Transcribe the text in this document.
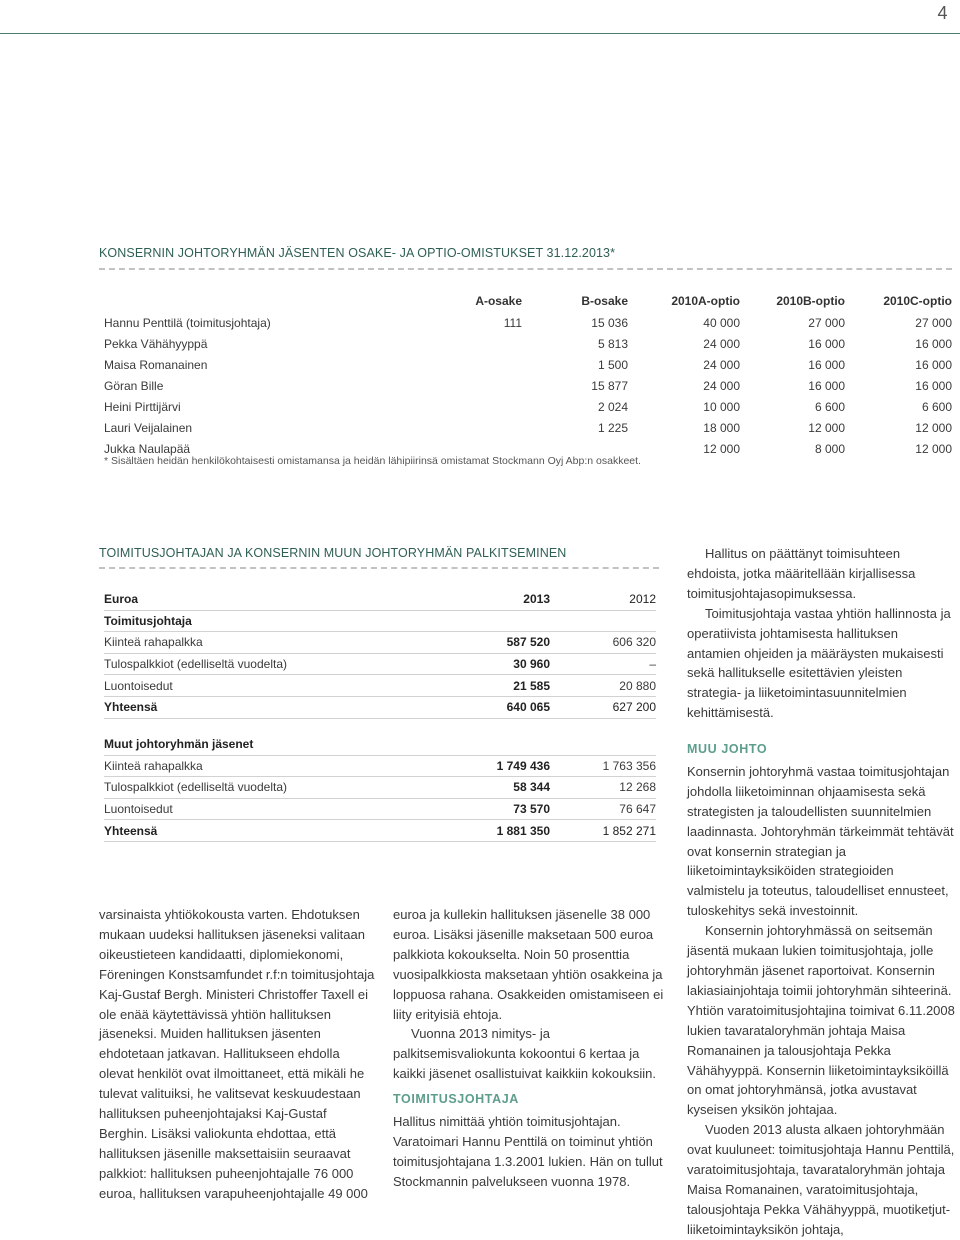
4
KONSERNIN JOHTORYHMÄN JÄSENTEN OSAKE- JA OPTIO-OMISTUKSET 31.12.2013*
	A-osake	B-osake	2010A-optio	2010B-optio	2010C-optio
Hannu Penttilä (toimitusjohtaja)	111	15 036	40 000	27 000	27 000
Pekka Vähähyyppä		5 813	24 000	16 000	16 000
Maisa Romanainen		1 500	24 000	16 000	16 000
Göran Bille		15 877	24 000	16 000	16 000
Heini Pirttijärvi		2 024	10 000	6 600	6 600
Lauri Veijalainen		1 225	18 000	12 000	12 000
Jukka Naulapää			12 000	8 000	12 000
* Sisältäen heidän henkilökohtaisesti omistamansa ja heidän lähipiirinsä omistamat Stockmann Oyj Abp:n osakkeet.
TOIMITUSJOHTAJAN JA KONSERNIN MUUN JOHTORYHMÄN PALKITSEMINEN
Euroa	2013	2012
Toimitusjohtaja		
Kiinteä rahapalkka	587 520	606 320
Tulospalkkiot (edelliseltä vuodelta)	30 960	–
Luontoisedut	21 585	20 880
Yhteensä	640 065	627 200
Muut johtoryhmän jäsenet		
Kiinteä rahapalkka	1 749 436	1 763 356
Tulospalkkiot (edelliseltä vuodelta)	58 344	12 268
Luontoisedut	73 570	76 647
Yhteensä	1 881 350	1 852 271

Hallitus on päättänyt toimisuhteen ehdoista, jotka määritellään kirjallisessa toimitusjohtajasopimuksessa.

Toimitusjohtaja vastaa yhtiön hallinnosta ja operatiivista johtamisesta hallituksen antamien ohjeiden ja määräysten mukaisesti sekä hallitukselle esitettävien yleisten strategia- ja liiketoimintasuunnitelmien kehittämisestä.

MUU JOHTO

Konsernin johtoryhmä vastaa toimitusjohtajan johdolla liiketoiminnan ohjaamisesta sekä strategisten ja taloudellisten suunnitelmien laadinnasta. Johtoryhmän tärkeimmät tehtävät ovat konsernin strategian ja liiketoimintayksiköiden strategioiden valmistelu ja toteutus, taloudelliset ennusteet, tuloskehitys sekä investoinnit.

Konsernin johtoryhmässä on seitsemän jäsentä mukaan lukien toimitusjohtaja, jolle johtoryhmän jäsenet raportoivat. Konsernin lakiasiainjohtaja toimii johtoryhmän sihteerinä. Yhtiön varatoimitusjohtajina toimivat 6.11.2008 lukien tavarataloryhmän johtaja Maisa Romanainen ja talousjohtaja Pekka Vähähyyppä. Konsernin liiketoimintayksiköillä on omat johtoryhmänsä, jotka avustavat kyseisen yksikön johtajaa.

Vuoden 2013 alusta alkaen johtoryhmään ovat kuuluneet: toimitusjohtaja Hannu Penttilä, varatoimitusjohtaja, tavarataloryhmän johtaja Maisa Romanainen, varatoimitusjohtaja, talousjohtaja Pekka Vähähyyppä, muotiketjut-liiketoimintayksikön johtaja,

varsinaista yhtiökokousta varten. Ehdotuksen mukaan uudeksi hallituksen jäseneksi valitaan oikeustieteen kandidaatti, diplomiekonomi, Föreningen Konstsamfundet r.f:n toimitusjohtaja Kaj-Gustaf Bergh. Ministeri Christoffer Taxell ei ole enää käytettävissä yhtiön hallituksen jäseneksi. Muiden hallituksen jäsenten ehdotetaan jatkavan. Hallitukseen ehdolla olevat henkilöt ovat ilmoittaneet, että mikäli he tulevat valituiksi, he valitsevat keskuudestaan hallituksen puheenjohtajaksi Kaj-Gustaf Berghin. Lisäksi valiokunta ehdottaa, että hallituksen jäsenille maksettaisiin seuraavat palkkiot: hallituksen puheenjohtajalle 76 000 euroa, hallituksen varapuheenjohtajalle 49 000

euroa ja kullekin hallituksen jäsenelle 38 000 euroa. Lisäksi jäsenille maksetaan 500 euroa palkkiota kokoukselta. Noin 50 prosenttia vuosipalkkiosta maksetaan yhtiön osakkeina ja loppuosa rahana. Osakkeiden omistamiseen ei liity erityisiä ehtoja.

Vuonna 2013 nimitys- ja palkitsemisvaliokunta kokoontui 6 kertaa ja kaikki jäsenet osallistuivat kaikkiin kokouksiin.

TOIMITUSJOHTAJA

Hallitus nimittää yhtiön toimitusjohtajan. Varatoimari Hannu Penttilä on toiminut yhtiön toimitusjohtajana 1.3.2001 lukien. Hän on tullut Stockmannin palvelukseen vuonna 1978.
